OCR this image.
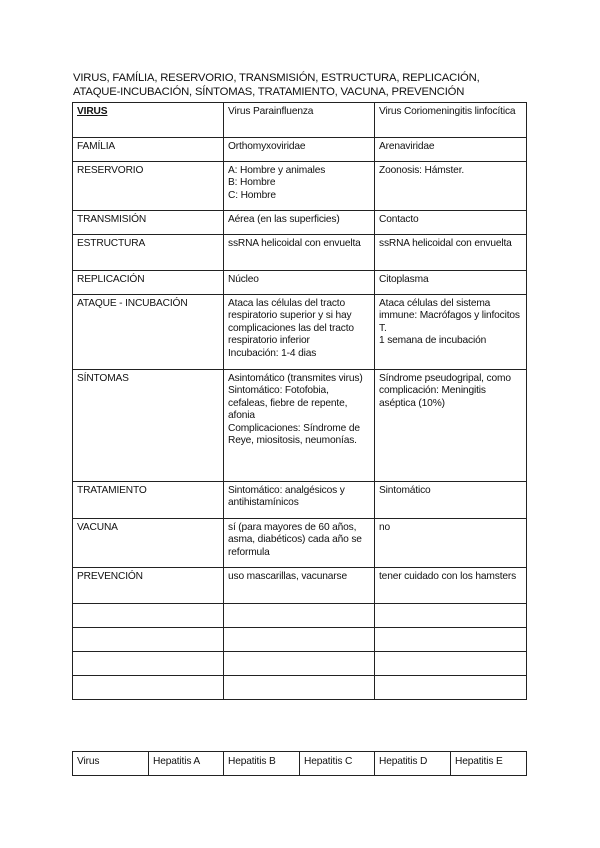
VIRUS, FAMÍLIA, RESERVORIO, TRANSMISIÓN, ESTRUCTURA, REPLICACIÓN,
ATAQUE-INCUBACIÓN, SÍNTOMAS, TRATAMIENTO, VACUNA, PREVENCIÓN
VIRUS	Virus Parainfluenza	Virus Coriomeningitis linfocítica
FAMÍLIA	Orthomyxoviridae	Arenaviridae
RESERVORIO	A: Hombre y animales
B: Hombre
C: Hombre	Zoonosis: Hámster.
TRANSMISIÓN	Aérea (en las superficies)	Contacto
ESTRUCTURA	ssRNA helicoidal con envuelta	ssRNA helicoidal con envuelta
REPLICACIÓN	Núcleo	Citoplasma
ATAQUE - INCUBACIÓN	Ataca las células del tracto respiratorio superior y si hay complicaciones las del tracto respiratorio inferior
Incubación: 1-4 dias	Ataca células del sistema immune: Macrófagos y linfocitos T.
1 semana de incubación
SÍNTOMAS	Asintomático (transmites virus)
Sintomático: Fotofobia, cefaleas, fiebre de repente, afonia
Complicaciones: Síndrome de Reye, miositosis, neumonías.	Síndrome pseudogripal, como complicación: Meningitis aséptica (10%)
TRATAMIENTO	Sintomático: analgésicos y antihistamínicos	Sintomático
VACUNA	sí (para mayores de 60 años, asma, diabéticos) cada año se reformula	no
PREVENCIÓN	uso mascarillas, vacunarse	tener cuidado con los hamsters

Virus	Hepatitis A	Hepatitis B	Hepatitis C	Hepatitis D	Hepatitis E
